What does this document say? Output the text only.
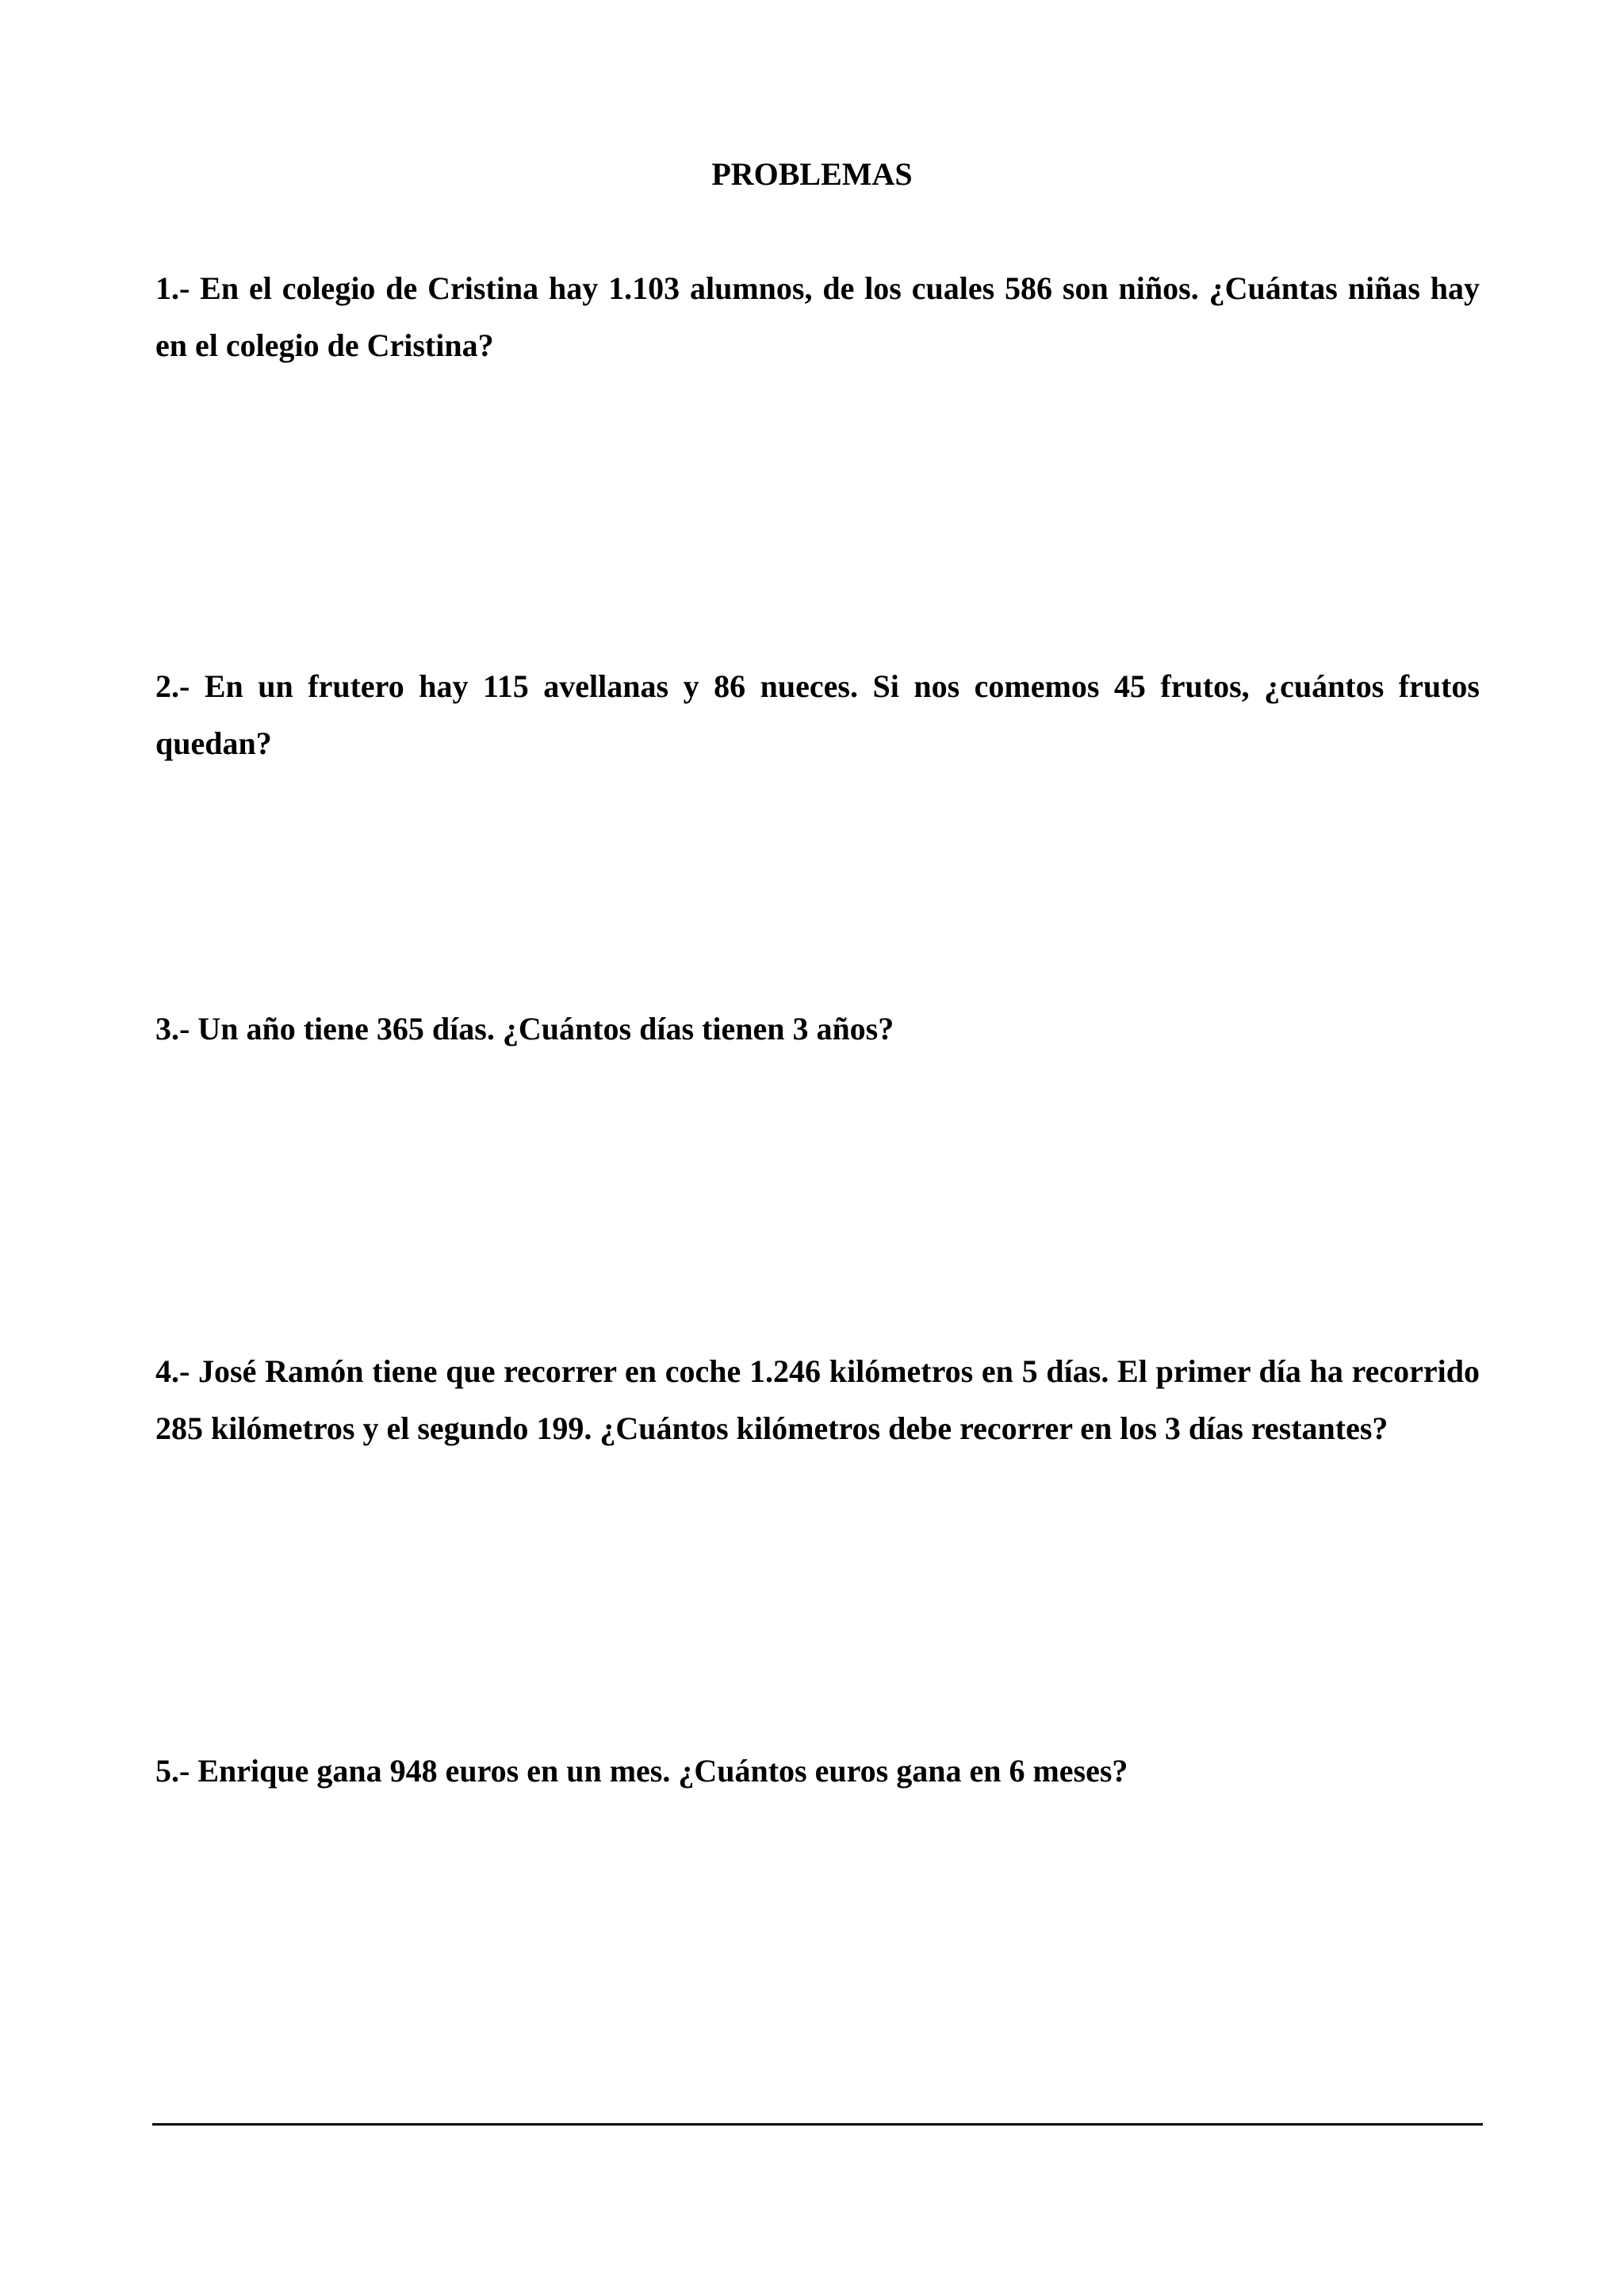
PROBLEMAS

1.- En el colegio de Cristina hay 1.103 alumnos, de los cuales 586 son niños. ¿Cuántas niñas hay en el colegio de Cristina?

2.- En un frutero hay 115 avellanas y 86 nueces. Si nos comemos 45 frutos, ¿cuántos frutos quedan?

3.- Un año tiene 365 días. ¿Cuántos días tienen 3 años?

4.- José Ramón tiene que recorrer en coche 1.246 kilómetros en 5 días. El primer día ha recorrido 285 kilómetros y el segundo 199. ¿Cuántos kilómetros debe recorrer en los 3 días restantes?

5.- Enrique gana 948 euros en un mes. ¿Cuántos euros gana en 6 meses?
